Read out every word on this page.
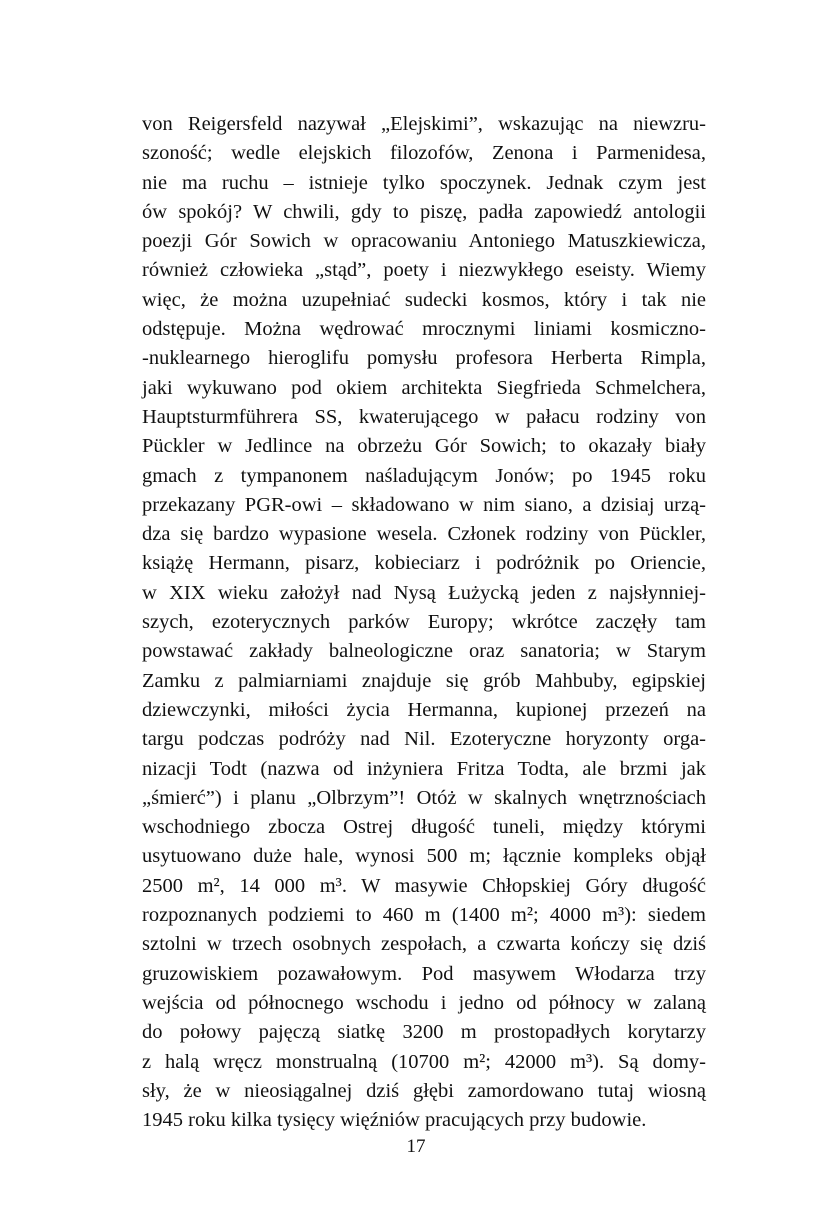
von Reigersfeld nazywał „Elejskimi”, wskazując na niewzru-
szoność; wedle elejskich filozofów, Zenona i Parmenidesa,
nie ma ruchu – istnieje tylko spoczynek. Jednak czym jest
ów spokój? W chwili, gdy to piszę, padła zapowiedź antologii
poezji Gór Sowich w opracowaniu Antoniego Matuszkiewicza,
również człowieka „stąd”, poety i niezwykłego eseisty. Wiemy
więc, że można uzupełniać sudecki kosmos, który i tak nie
odstępuje. Można wędrować mrocznymi liniami kosmiczno-
-nuklearnego hieroglifu pomysłu profesora Herberta Rimpla,
jaki wykuwano pod okiem architekta Siegfrieda Schmelchera,
Hauptsturmführera SS, kwaterującego w pałacu rodziny von
Pückler w Jedlince na obrzeżu Gór Sowich; to okazały biały
gmach z tympanonem naśladującym Jonów; po 1945 roku
przekazany PGR-owi – składowano w nim siano, a dzisiaj urzą-
dza się bardzo wypasione wesela. Członek rodziny von Pückler,
książę Hermann, pisarz, kobieciarz i podróżnik po Oriencie,
w XIX wieku założył nad Nysą Łużycką jeden z najsłynniej-
szych, ezoterycznych parków Europy; wkrótce zaczęły tam
powstawać zakłady balneologiczne oraz sanatoria; w Starym
Zamku z palmiarniami znajduje się grób Mahbuby, egipskiej
dziewczynki, miłości życia Hermanna, kupionej przezeń na
targu podczas podróży nad Nil. Ezoteryczne horyzonty orga-
nizacji Todt (nazwa od inżyniera Fritza Todta, ale brzmi jak
„śmierć”) i planu „Olbrzym”! Otóż w skalnych wnętrznościach
wschodniego zbocza Ostrej długość tuneli, między którymi
usytuowano duże hale, wynosi 500 m; łącznie kompleks objął
2500 m², 14 000 m³. W masywie Chłopskiej Góry długość
rozpoznanych podziemi to 460 m (1400 m²; 4000 m³): siedem
sztolni w trzech osobnych zespołach, a czwarta kończy się dziś
gruzowiskiem pozawałowym. Pod masywem Włodarza trzy
wejścia od północnego wschodu i jedno od północy w zalaną
do połowy pajęczą siatkę 3200 m prostopadłych korytarzy
z halą wręcz monstrualną (10700 m²; 42000 m³). Są domy-
sły, że w nieosiągalnej dziś głębi zamordowano tutaj wiosną
1945 roku kilka tysięcy więźniów pracujących przy budowie.
17
